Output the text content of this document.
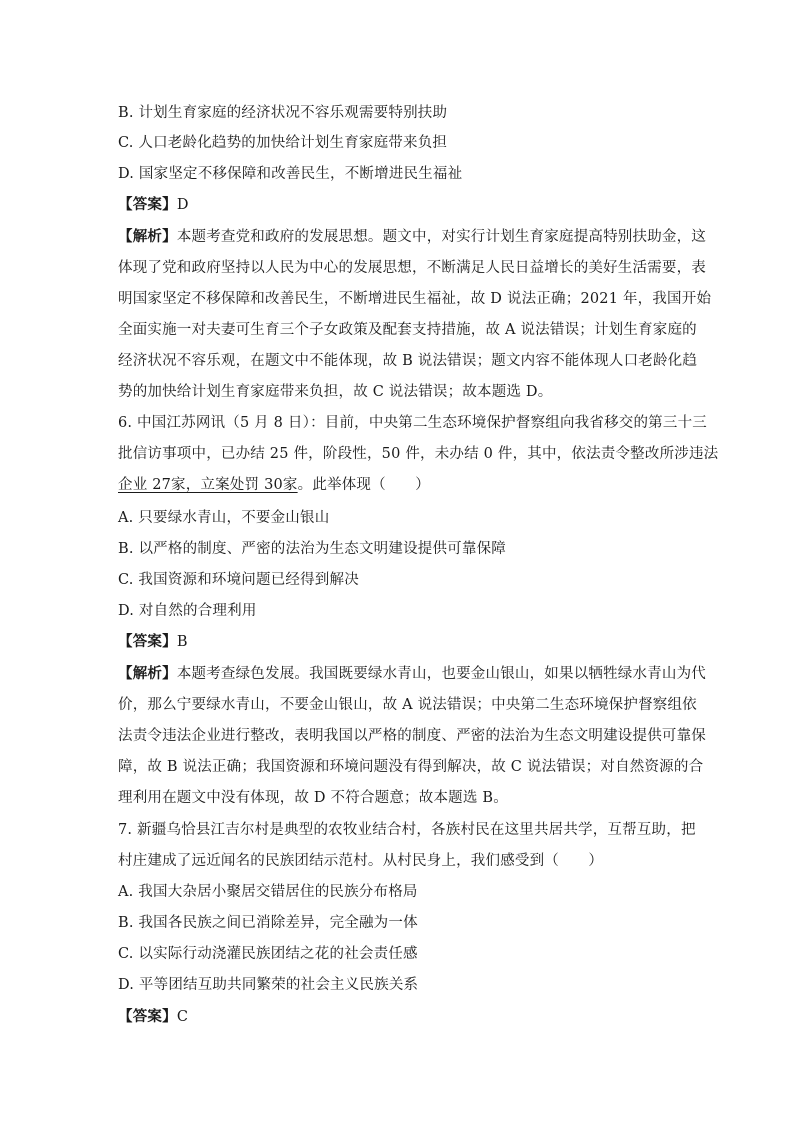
B. 计划生育家庭的经济状况不容乐观需要特别扶助
C. 人口老龄化趋势的加快给计划生育家庭带来负担
D. 国家坚定不移保障和改善民生，不断增进民生福祉
【答案】D
【解析】本题考查党和政府的发展思想。题文中，对实行计划生育家庭提高特别扶助金，这
体现了党和政府坚持以人民为中心的发展思想，不断满足人民日益增长的美好生活需要，表
明国家坚定不移保障和改善民生，不断增进民生福祉，故 D 说法正确；2021 年，我国开始
全面实施一对夫妻可生育三个子女政策及配套支持措施，故 A 说法错误；计划生育家庭的
经济状况不容乐观，在题文中不能体现，故 B 说法错误；题文内容不能体现人口老龄化趋
势的加快给计划生育家庭带来负担，故 C 说法错误；故本题选 D。
6. 中国江苏网讯（5 月 8 日）：目前，中央第二生态环境保护督察组向我省移交的第三十三
批信访事项中，已办结 25 件，阶段性，50 件，未办结 0 件，其中，依法责令整改所涉违法
企业 27家，立案处罚 30家。此举体现（　　）
A. 只要绿水青山，不要金山银山
B. 以严格的制度、严密的法治为生态文明建设提供可靠保障
C. 我国资源和环境问题已经得到解决
D. 对自然的合理利用
【答案】B
【解析】本题考查绿色发展。我国既要绿水青山，也要金山银山，如果以牺牲绿水青山为代
价，那么宁要绿水青山，不要金山银山，故 A 说法错误；中央第二生态环境保护督察组依
法责令违法企业进行整改，表明我国以严格的制度、严密的法治为生态文明建设提供可靠保
障，故 B 说法正确；我国资源和环境问题没有得到解决，故 C 说法错误；对自然资源的合
理利用在题文中没有体现，故 D 不符合题意；故本题选 B。
7. 新疆乌恰县江吉尔村是典型的农牧业结合村，各族村民在这里共居共学，互帮互助，把
村庄建成了远近闻名的民族团结示范村。从村民身上，我们感受到（　　）
A. 我国大杂居小聚居交错居住的民族分布格局
B. 我国各民族之间已消除差异，完全融为一体
C. 以实际行动浇灌民族团结之花的社会责任感
D. 平等团结互助共同繁荣的社会主义民族关系
【答案】C
